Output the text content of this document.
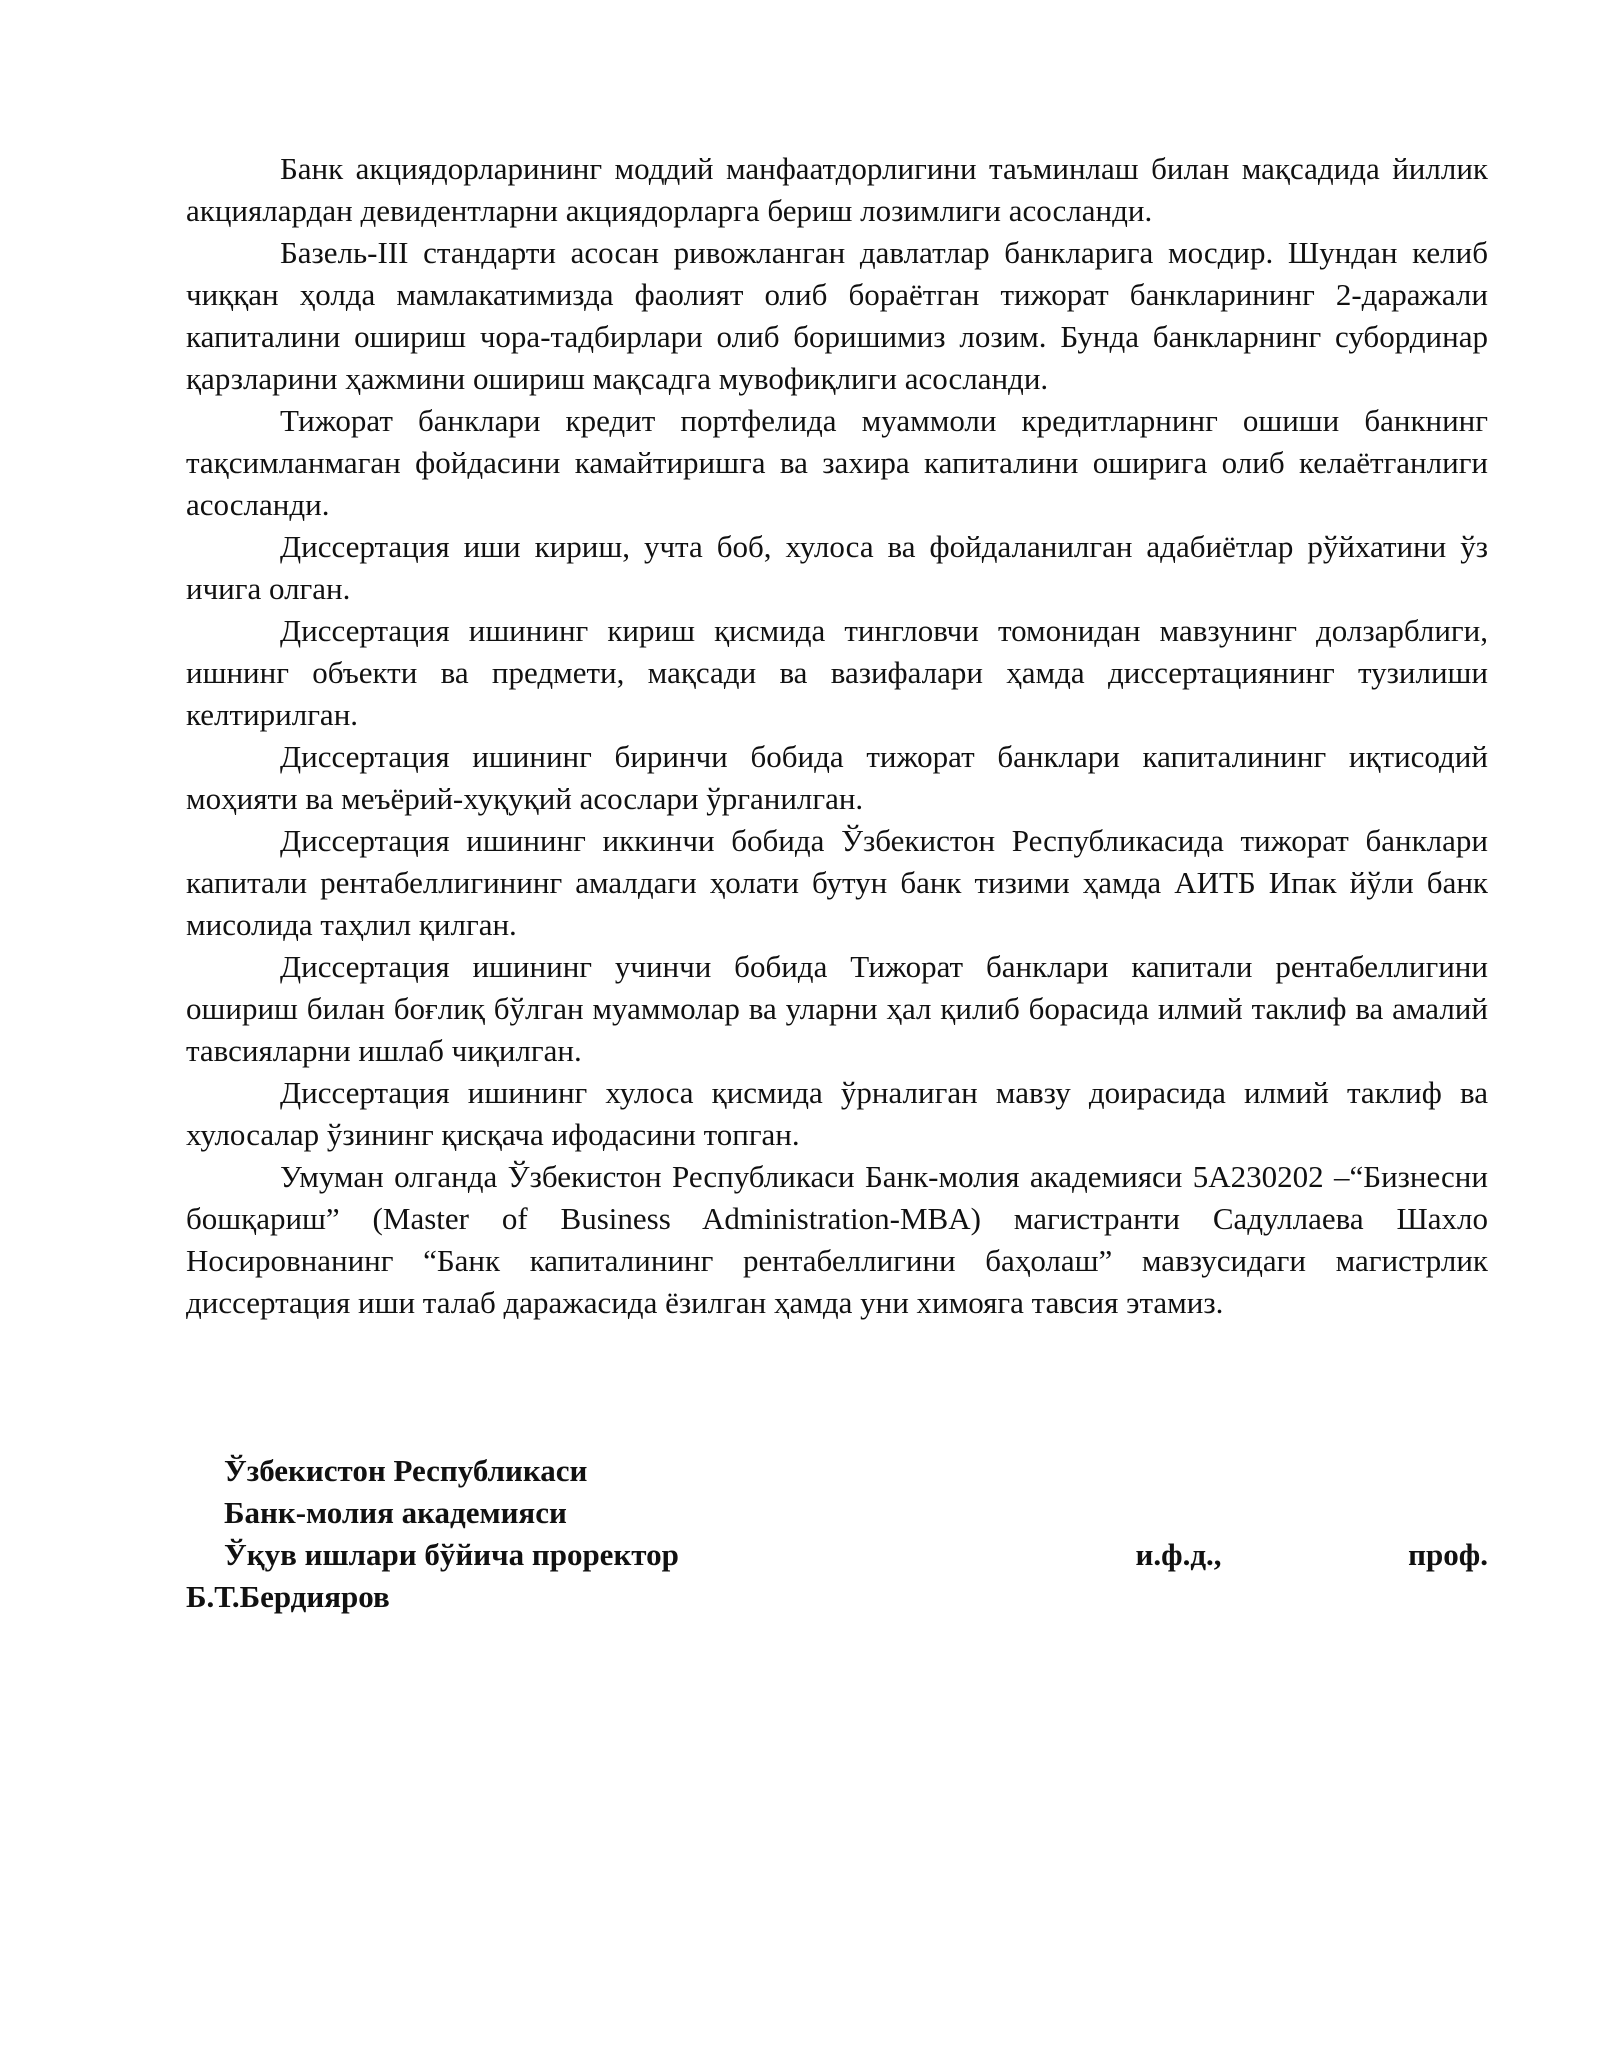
Банк акциядорларининг моддий манфаатдорлигини таъминлаш билан мақсадида йиллик акциялардан девидентларни акциядорларга бериш лозимлиги асосланди.

Базель-III стандарти асосан ривожланган давлатлар банкларига мосдир. Шундан келиб чиққан ҳолда мамлакатимизда фаолият олиб бораётган тижорат банкларининг 2-даражали капиталини ошириш чора-тадбирлари олиб боришимиз лозим. Бунда банкларнинг субординар қарзларини ҳажмини ошириш мақсадга мувофиқлиги асосланди.

Тижорат банклари кредит портфелида муаммоли кредитларнинг ошиши банкнинг тақсимланмаган фойдасини камайтиришга ва захира капиталини оширига олиб келаётганлиги асосланди.

Диссертация иши кириш, учта боб, хулоса ва фойдаланилган адабиётлар рўйхатини ўз ичига олган.

Диссертация ишининг кириш қисмида тингловчи томонидан мавзунинг долзарблиги, ишнинг объекти ва предмети, мақсади ва вазифалари ҳамда диссертациянинг тузилиши келтирилган.

Диссертация ишининг биринчи бобида тижорат банклари капиталининг иқтисодий моҳияти ва меъёрий-хуқуқий асослари ўрганилган.

Диссертация ишининг иккинчи бобида Ўзбекистон Республикасида тижорат банклари капитали рентабеллигининг амалдаги ҳолати бутун банк тизими ҳамда АИТБ Ипак йўли банк мисолида таҳлил қилган.

Диссертация ишининг учинчи бобида Тижорат банклари капитали рентабеллигини ошириш билан боғлиқ бўлган муаммолар ва уларни ҳал қилиб борасида илмий таклиф ва амалий тавсияларни ишлаб чиқилган.

Диссертация ишининг хулоса қисмида ўрналиган мавзу доирасида илмий таклиф ва хулосалар ўзининг қисқача ифодасини топган.

Умуман олганда Ўзбекистон Республикаси Банк-молия академияси 5А230202 –“Бизнесни бошқариш” (Master of Business Administration-MBA) магистранти Садуллаева Шахло Носировнанинг “Банк капиталининг рентабеллигини баҳолаш” мавзусидаги магистрлик диссертация иши талаб даражасида ёзилган ҳамда уни химояга тавсия этамиз.

Ўзбекистон Республикаси

Банк-молия академияси

Ўқув ишлари бўйича проректор	и.ф.д.,	проф.

Б.Т.Бердияров
